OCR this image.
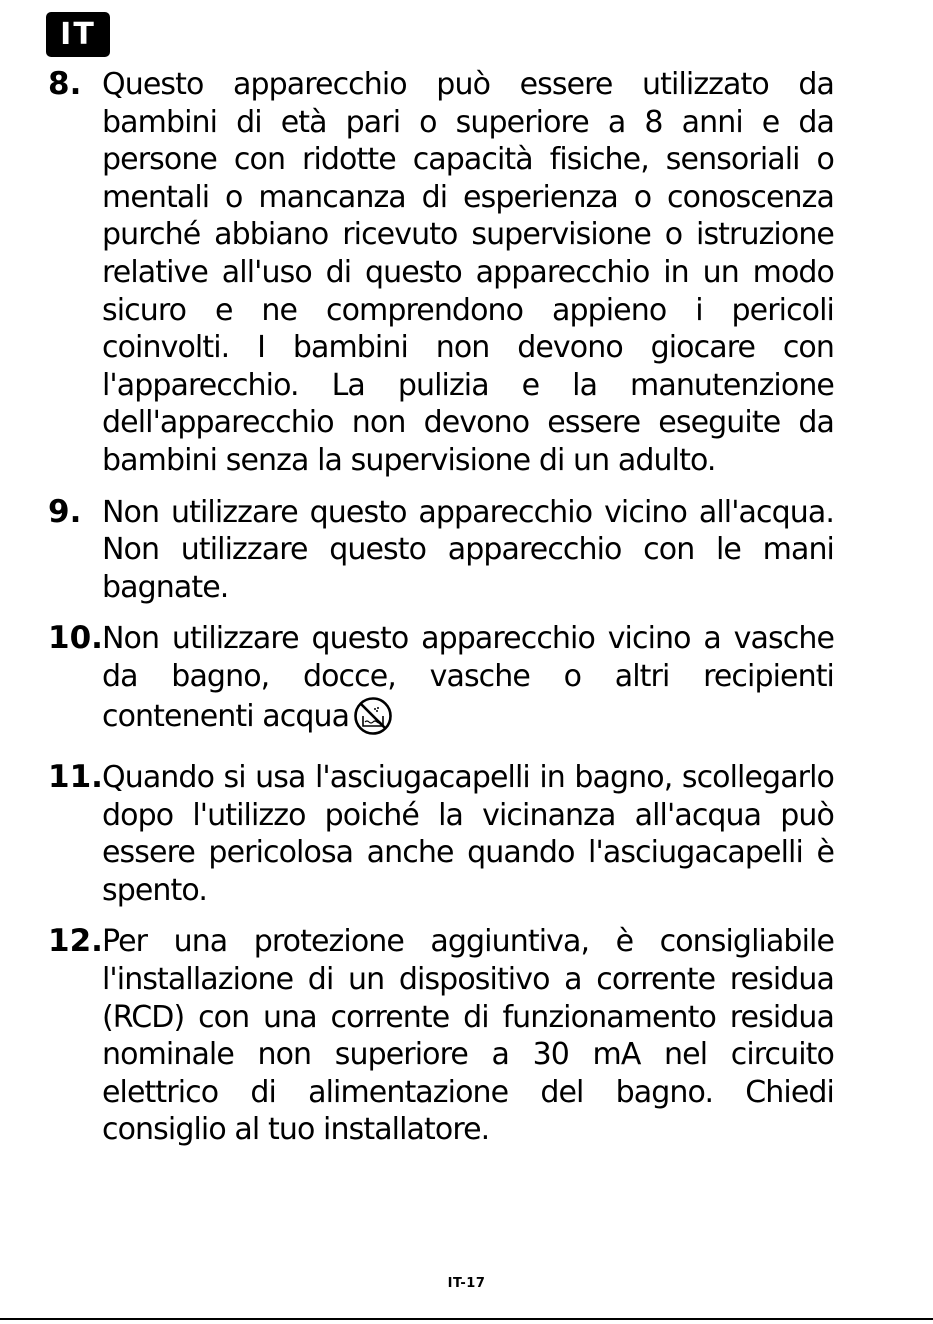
IT
8. Questo apparecchio può essere utilizzato da bambini di età pari o superiore a 8 anni e da persone con ridotte capacità fisiche, sensoriali o mentali o mancanza di esperienza o conoscenza purché abbiano ricevuto supervisione o istruzione relative all'uso di questo apparecchio in un modo sicuro e ne comprendono appieno i pericoli coinvolti. I bambini non devono giocare con l'apparecchio. La pulizia e la manutenzione dell'apparecchio non devono essere eseguite da bambini senza la supervisione di un adulto.
9. Non utilizzare questo apparecchio vicino all'acqua. Non utilizzare questo apparecchio con le mani bagnate.
10. Non utilizzare questo apparecchio vicino a vasche da bagno, docce, vasche o altri recipienti contenenti acqua
11. Quando si usa l'asciugacapelli in bagno, scollegarlo dopo l'utilizzo poiché la vicinanza all'acqua può essere pericolosa anche quando l'asciugacapelli è spento.
12. Per una protezione aggiuntiva, è consigliabile l'installazione di un dispositivo a corrente residua (RCD) con una corrente di funzionamento residua nominale non superiore a 30 mA nel circuito elettrico di alimentazione del bagno. Chiedi consiglio al tuo installatore.
IT-17
